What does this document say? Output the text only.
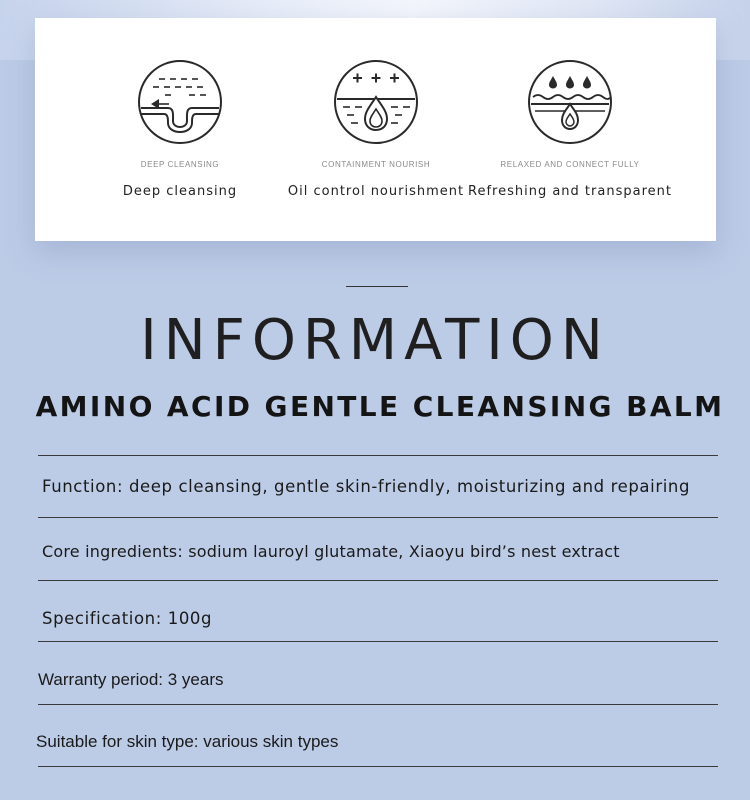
DEEP CLEANSING
Deep cleansing
CONTAINMENT NOURISH
Oil control nourishment
RELAXED AND CONNECT FULLY
Refreshing and transparent
INFORMATION
AMINO ACID GENTLE CLEANSING BALM
Function: deep cleansing, gentle skin-friendly, moisturizing and repairing
Core ingredients: sodium lauroyl glutamate, Xiaoyu bird’s nest extract
Specification: 100g
Warranty period: 3 years
Suitable for skin type: various skin types
